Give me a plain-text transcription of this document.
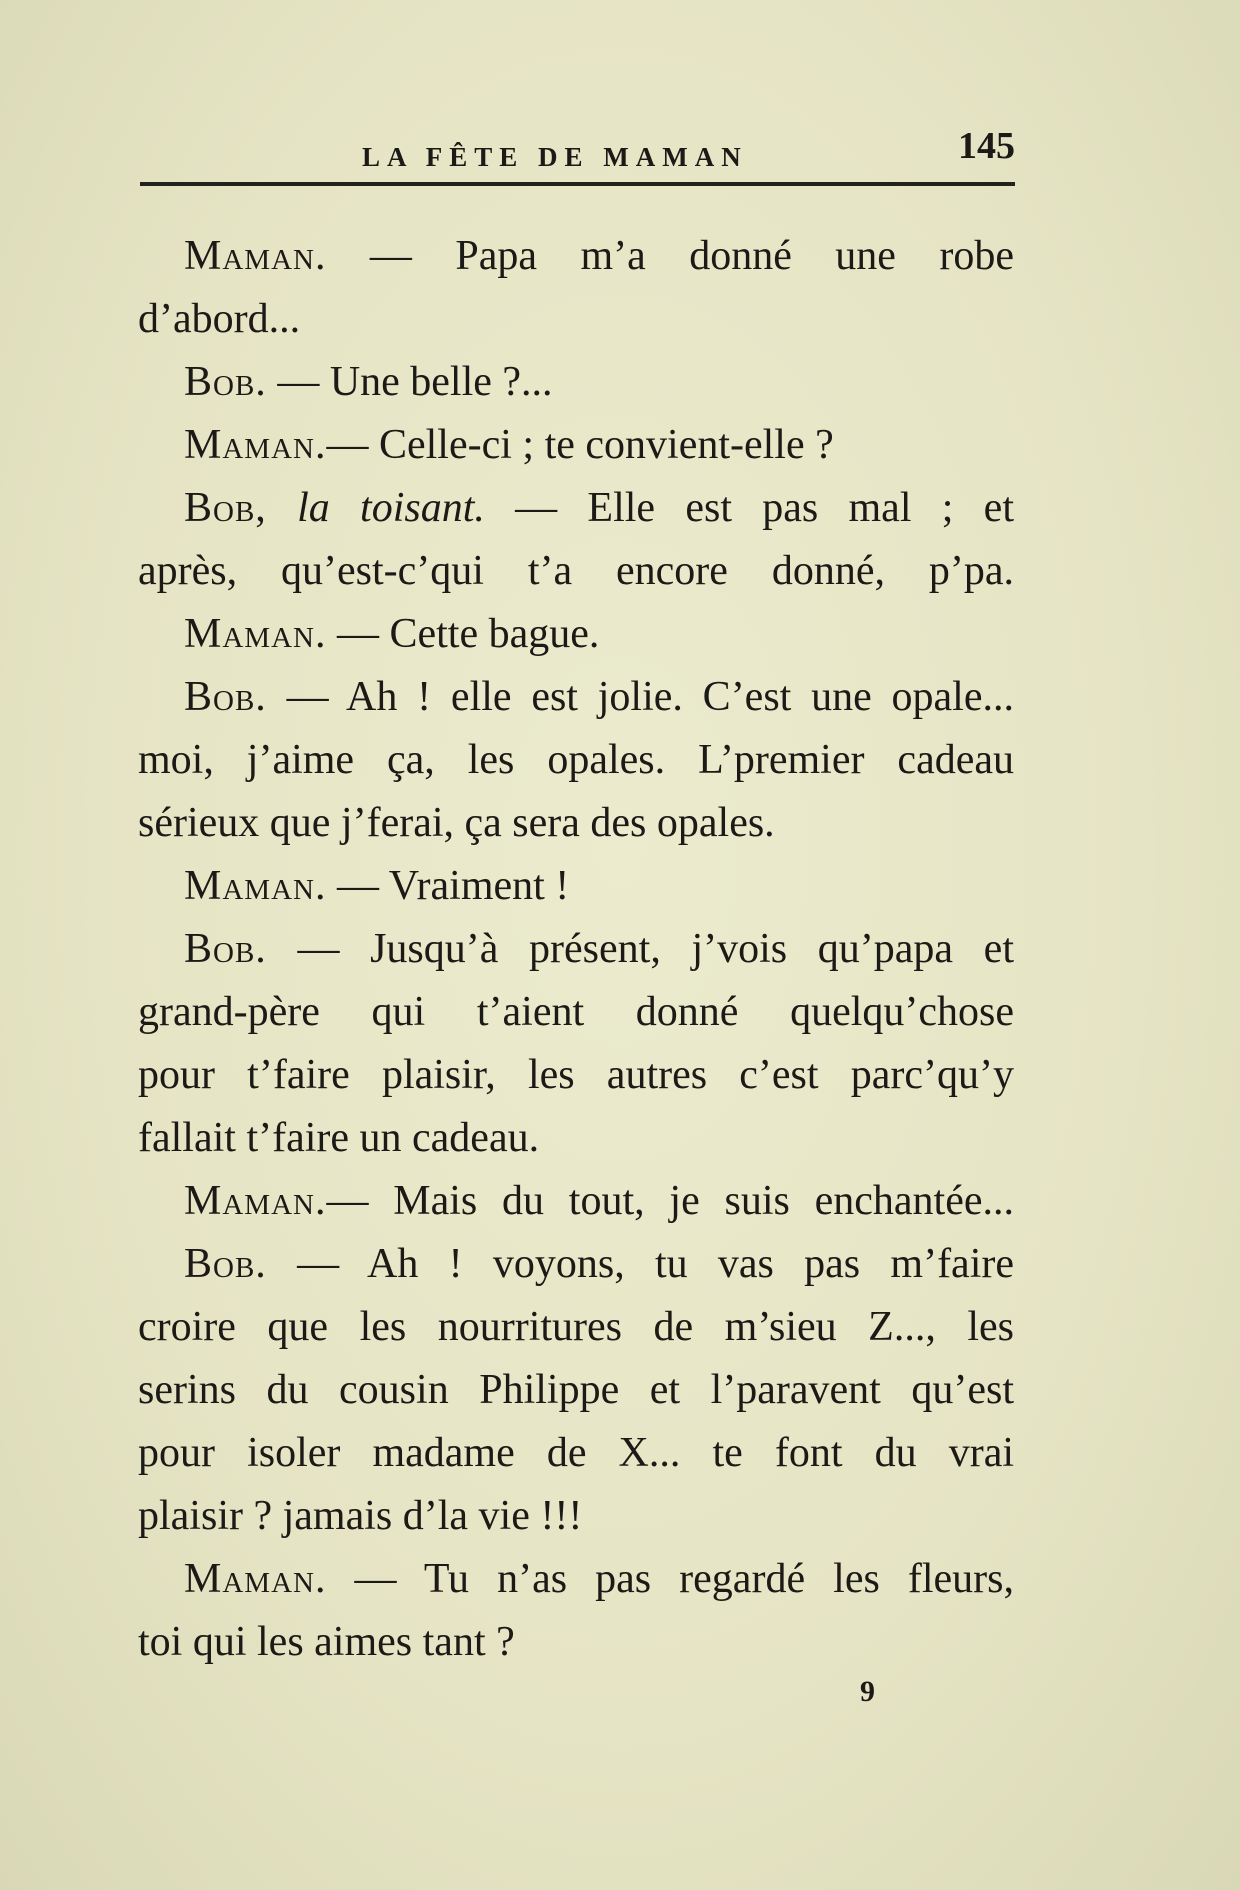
LA FÊTE DE MAMAN	145
Maman. — Papa m’a donné une robe
d’abord...
Bob. — Une belle ?...
Maman.— Celle-ci ; te convient-elle ?
Bob, la toisant. — Elle est pas mal ; et
après, qu’est-c’qui t’a encore donné, p’pa.
Maman. — Cette bague.
Bob. — Ah ! elle est jolie. C’est une opale...
moi, j’aime ça, les opales. L’premier cadeau
sérieux que j’ferai, ça sera des opales.
Maman. — Vraiment !
Bob. — Jusqu’à présent, j’vois qu’papa et
grand-père qui t’aient donné quelqu’chose
pour t’faire plaisir, les autres c’est parc’qu’y
fallait t’faire un cadeau.
Maman.— Mais du tout, je suis enchantée...
Bob. — Ah ! voyons, tu vas pas m’faire
croire que les nourritures de m’sieu Z..., les
serins du cousin Philippe et l’paravent qu’est
pour isoler madame de X... te font du vrai
plaisir ? jamais d’la vie !!!
Maman. — Tu n’as pas regardé les fleurs,
toi qui les aimes tant ?
9
